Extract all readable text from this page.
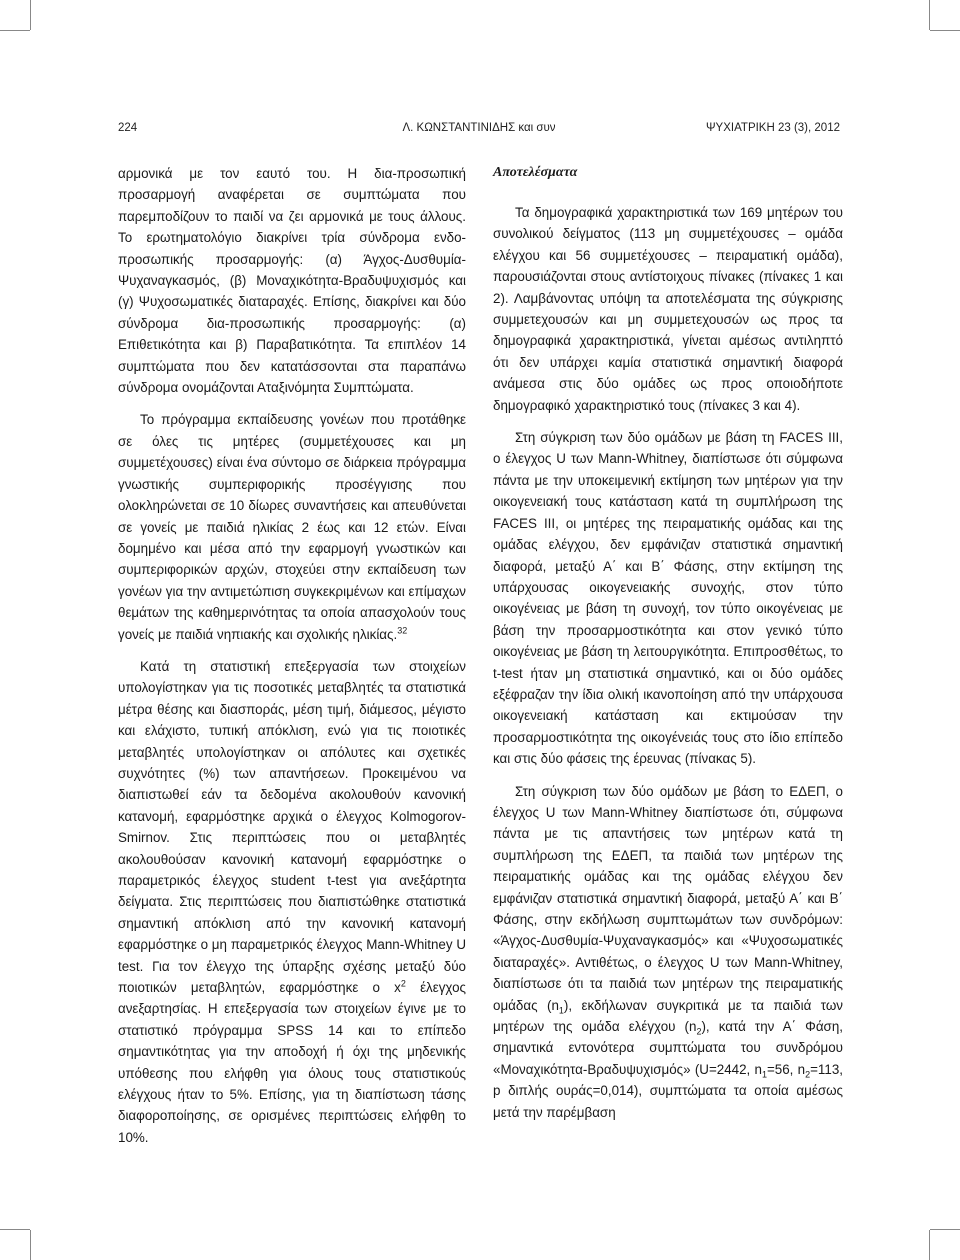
224	Λ. ΚΩΝΣΤΑΝΤΙΝΙΔΗΣ και συν	ΨΥΧΙΑΤΡΙΚΗ 23 (3), 2012

αρμονικά με τον εαυτό του. Η δια-προσωπική προσαρμογή αναφέρεται σε συμπτώματα που παρεμποδίζουν το παιδί να ζει αρμονικά με τους άλλους. Το ερωτηματολόγιο διακρίνει τρία σύνδρομα ενδο-προσωπικής προσαρμογής: (α) Άγχος-Δυσθυμία-Ψυχαναγκασμός, (β) Μοναχικότητα-Βραδυψυχισμός και (γ) Ψυχοσωματικές διαταραχές. Επίσης, διακρίνει και δύο σύνδρομα δια-προσωπικής προσαρμογής: (α) Επιθετικότητα και β) Παραβατικότητα. Τα επιπλέον 14 συμπτώματα που δεν κατατάσσονται στα παραπάνω σύνδρομα ονομάζονται Αταξινόμητα Συμπτώματα.

Το πρόγραμμα εκπαίδευσης γονέων που προτάθηκε σε όλες τις μητέρες (συμμετέχουσες και μη συμμετέχουσες) είναι ένα σύντομο σε διάρκεια πρόγραμμα γνωστικής συμπεριφορικής προσέγγισης που ολοκληρώνεται σε 10 δίωρες συναντήσεις και απευθύνεται σε γονείς με παιδιά ηλικίας 2 έως και 12 ετών. Είναι δομημένο και μέσα από την εφαρμογή γνωστικών και συμπεριφορικών αρχών, στοχεύει στην εκπαίδευση των γονέων για την αντιμετώπιση συγκεκριμένων και επίμαχων θεμάτων της καθημερινότητας τα οποία απασχολούν τους γονείς με παιδιά νηπιακής και σχολικής ηλικίας.$^{32}$

Κατά τη στατιστική επεξεργασία των στοιχείων υπολογίστηκαν για τις ποσοτικές μεταβλητές τα στατιστικά μέτρα θέσης και διασποράς, μέση τιμή, διάμεσος, μέγιστο και ελάχιστο, τυπική απόκλιση, ενώ για τις ποιοτικές μεταβλητές υπολογίστηκαν οι απόλυτες και σχετικές συχνότητες (%) των απαντήσεων. Προκειμένου να διαπιστωθεί εάν τα δεδομένα ακολουθούν κανονική κατανομή, εφαρμόστηκε αρχικά ο έλεγχος Kolmogorov-Smirnov. Στις περιπτώσεις που οι μεταβλητές ακολουθούσαν κανονική κατανομή εφαρμόστηκε ο παραμετρικός έλεγχος student t-test για ανεξάρτητα δείγματα. Στις περιπτώσεις που διαπιστώθηκε στατιστικά σημαντική απόκλιση από την κανονική κατανομή εφαρμόστηκε ο μη παραμετρικός έλεγχος Mann-Whitney U test. Για τον έλεγχο της ύπαρξης σχέσης μεταξύ δύο ποιοτικών μεταβλητών, εφαρμόστηκε ο $x^2$ έλεγχος ανεξαρτησίας. Η επεξεργασία των στοιχείων έγινε με το στατιστικό πρόγραμμα SPSS 14 και το επίπεδο σημαντικότητας για την αποδοχή ή όχι της μηδενικής υπόθεσης που ελήφθη για όλους τους στατιστικούς ελέγχους ήταν το 5%. Επίσης, για τη διαπίστωση τάσης διαφοροποίησης, σε ορισμένες περιπτώσεις ελήφθη το 10%.

Αποτελέσματα

Τα δημογραφικά χαρακτηριστικά των 169 μητέρων του συνολικού δείγματος (113 μη συμμετέχουσες – ομάδα ελέγχου και 56 συμμετέχουσες – πειραματική ομάδα), παρουσιάζονται στους αντίστοιχους πίνακες (πίνακες 1 και 2). Λαμβάνοντας υπόψη τα αποτελέσματα της σύγκρισης συμμετεχουσών και μη συμμετεχουσών ως προς τα δημογραφικά χαρακτηριστικά, γίνεται αμέσως αντιληπτό ότι δεν υπάρχει καμία στατιστικά σημαντική διαφορά ανάμεσα στις δύο ομάδες ως προς οποιοδήποτε δημογραφικό χαρακτηριστικό τους (πίνακες 3 και 4).

Στη σύγκριση των δύο ομάδων με βάση τη FACES III, ο έλεγχος U των Mann-Whitney, διαπίστωσε ότι σύμφωνα πάντα με την υποκειμενική εκτίμηση των μητέρων για την οικογενειακή τους κατάσταση κατά τη συμπλήρωση της FACES III, οι μητέρες της πειραματικής ομάδας και της ομάδας ελέγχου, δεν εμφάνιζαν στατιστικά σημαντική διαφορά, μεταξύ Α΄ και Β΄ Φάσης, στην εκτίμηση της υπάρχουσας οικογενειακής συνοχής, στον τύπο οικογένειας με βάση τη συνοχή, τον τύπο οικογένειας με βάση την προσαρμοστικότητα και στον γενικό τύπο οικογένειας με βάση τη λειτουργικότητα. Επιπροσθέτως, το t-test ήταν μη στατιστικά σημαντικό, και οι δύο ομάδες εξέφραζαν την ίδια ολική ικανοποίηση από την υπάρχουσα οικογενειακή κατάσταση και εκτιμούσαν την προσαρμοστικότητα της οικογένειάς τους στο ίδιο επίπεδο και στις δύο φάσεις της έρευνας (πίνακας 5).

Στη σύγκριση των δύο ομάδων με βάση το ΕΔΕΠ, ο έλεγχος U των Mann-Whitney διαπίστωσε ότι, σύμφωνα πάντα με τις απαντήσεις των μητέρων κατά τη συμπλήρωση της ΕΔΕΠ, τα παιδιά των μητέρων της πειραματικής ομάδας και της ομάδας ελέγχου δεν εμφάνιζαν στατιστικά σημαντική διαφορά, μεταξύ Α΄ και Β΄ Φάσης, στην εκδήλωση συμπτωμάτων των συνδρόμων: «Άγχος-Δυσθυμία-Ψυχαναγκασμός» και «Ψυχοσωματικές διαταραχές». Αντιθέτως, ο έλεγχος U των Mann-Whitney, διαπίστωσε ότι τα παιδιά των μητέρων της πειραματικής ομάδας $(n_1)$, εκδήλωναν συγκριτικά με τα παιδιά των μητέρων της ομάδα ελέγχου $(n_2)$, κατά την Α΄ Φάση, σημαντικά εντονότερα συμπτώματα του συνδρόμου «Μοναχικότητα-Βραδυψυχισμός» (U=2442, $n_1=56$, $n_2=113$, p διπλής ουράς=0,014), συμπτώματα τα οποία αμέσως μετά την παρέμβαση
